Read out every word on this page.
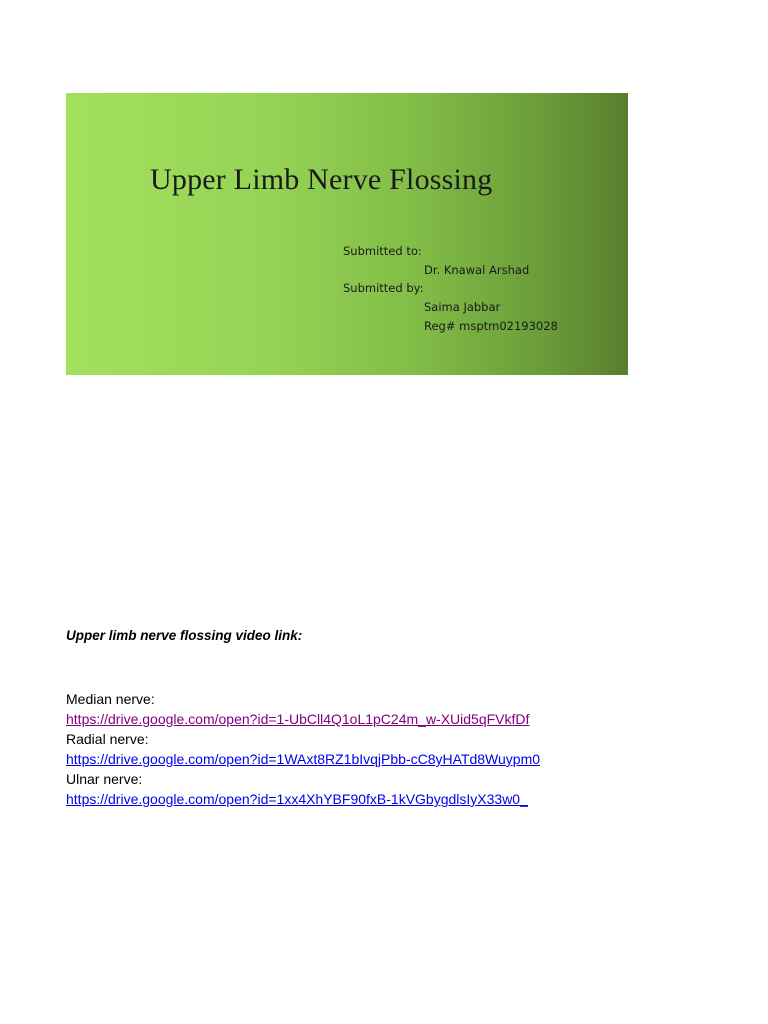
Upper Limb Nerve Flossing
Submitted to:
Dr. Knawal Arshad
Submitted by:
Saima Jabbar
Reg# msptm02193028
Upper limb nerve flossing video link:
Median nerve:
https://drive.google.com/open?id=1-UbCll4Q1oL1pC24m_w-XUid5qFVkfDf
Radial nerve:
https://drive.google.com/open?id=1WAxt8RZ1bIvqjPbb-cC8yHATd8Wuypm0
Ulnar nerve:
https://drive.google.com/open?id=1xx4XhYBF90fxB-1kVGbygdlsIyX33w0_
